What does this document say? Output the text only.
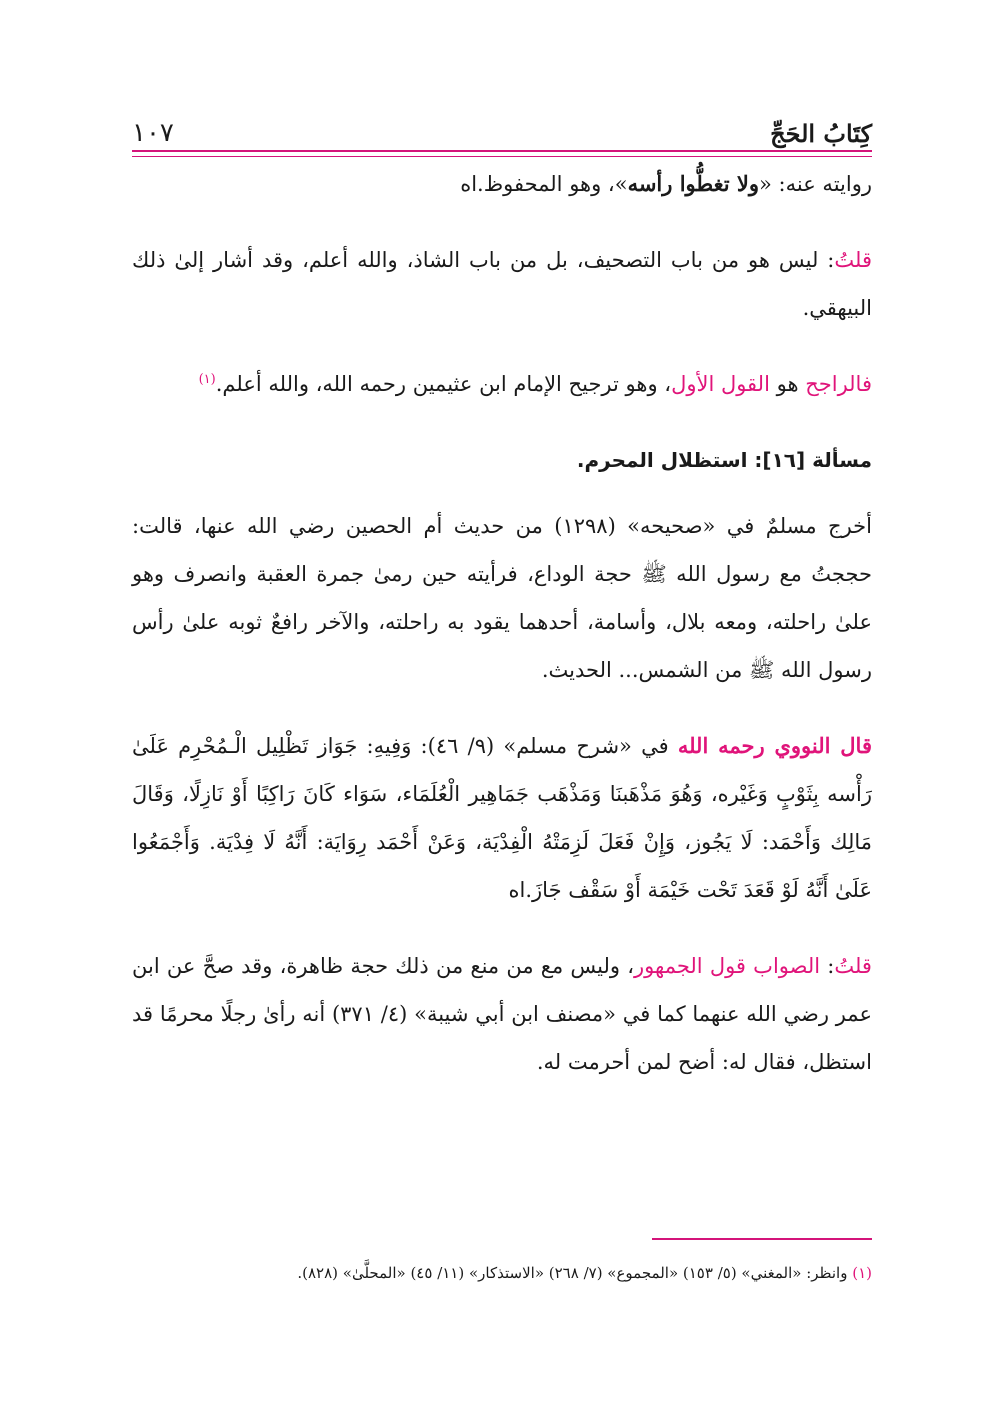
كِتَابُ الحَجِّ
١٠٧

روايته عنه: «ولا تغطُّوا رأسه»، وهو المحفوظ.اه

قلتُ: ليس هو من باب التصحيف، بل من باب الشاذ، والله أعلم، وقد أشار إلىٰ ذلك البيهقي.

فالراجح هو القول الأول، وهو ترجيح الإمام ابن عثيمين رحمه الله، والله أعلم.$^{(١)}$

مسألة [١٦]: استظلال المحرم.

أخرج مسلمٌ في «صحيحه» (١٢٩٨) من حديث أم الحصين رضي الله عنها، قالت: حججتُ مع رسول الله ﷺ حجة الوداع، فرأيته حين رمىٰ جمرة العقبة وانصرف وهو علىٰ راحلته، ومعه بلال، وأسامة، أحدهما يقود به راحلته، والآخر رافعٌ ثوبه علىٰ رأس رسول الله ﷺ من الشمس... الحديث.

قال النووي رحمه الله في «شرح مسلم» (٩/ ٤٦): وَفِيهِ: جَوَاز تَظْلِيل الْـمُحْرِم عَلَىٰ رَأْسه بِثَوْبٍ وَغَيْره، وَهُوَ مَذْهَبنَا وَمَذْهَب جَمَاهِير الْعُلَمَاء، سَوَاء كَانَ رَاكِبًا أَوْ نَازِلًا، وَقَالَ مَالِك وَأَحْمَد: لَا يَجُوز، وَإِنْ فَعَلَ لَزِمَتْهُ الْفِدْيَة، وَعَنْ أَحْمَد رِوَايَة: أَنَّهُ لَا فِدْيَة. وَأَجْمَعُوا عَلَىٰ أَنَّهُ لَوْ قَعَدَ تَحْت خَيْمَة أَوْ سَقْف جَازَ.اه

قلتُ: الصواب قول الجمهور، وليس مع من منع من ذلك حجة ظاهرة، وقد صحَّ عن ابن عمر رضي الله عنهما كما في «مصنف ابن أبي شيبة» (٤/ ٣٧١) أنه رأىٰ رجلًا محرمًا قد استظل، فقال له: أضح لمن أحرمت له.

(١) وانظر: «المغني» (٥/ ١٥٣) «المجموع» (٧/ ٢٦٨) «الاستذكار» (١١/ ٤٥) «المحلَّىٰ» (٨٢٨).
